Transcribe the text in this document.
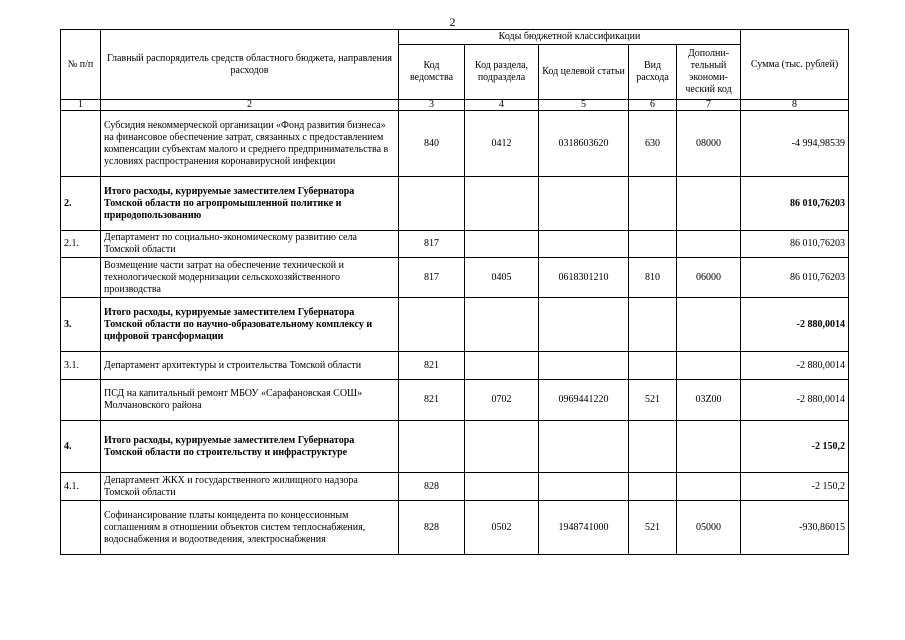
2
№ п/п	Главный распорядитель средств областного бюджета, направления расходов	Коды бюджетной классификации					Сумма (тыс. рублей)
		Код ведомства	Код раздела, подраздела	Код целевой статьи	Вид расхода	Дополни-тельный экономи-ческий код	
1	2	3	4	5	6	7	8
	Субсидия некоммерческой организации «Фонд развития бизнеса» на финансовое обеспечение затрат, связанных с предоставлением компенсации субъектам малого и среднего предпринимательства в условиях распространения коронавирусной инфекции	840	0412	0318603620	630	08000	-4 994,98539
2.	Итого расходы, курируемые заместителем Губернатора Томской области по агропромышленной политике и природопользованию						86 010,76203
2.1.	Департамент по социально-экономическому развитию села Томской области	817					86 010,76203
	Возмещение части затрат на обеспечение технической и технологической модернизации сельскохозяйственного производства	817	0405	0618301210	810	06000	86 010,76203
3.	Итого расходы, курируемые заместителем Губернатора Томской области по научно-образовательному комплексу и цифровой трансформации						-2 880,0014
3.1.	Департамент архитектуры и строительства Томской области	821					-2 880,0014
	ПСД на капитальный ремонт МБОУ «Сарафановская СОШ» Молчановского района	821	0702	0969441220	521	03Z00	-2 880,0014
4.	Итого расходы, курируемые заместителем Губернатора Томской области по строительству и инфраструктуре						-2 150,2
4.1.	Департамент ЖКХ и государственного жилищного надзора Томской области	828					-2 150,2
	Софинансирование платы концедента по концессионным соглашениям в отношении объектов систем теплоснабжения, водоснабжения и водоотведения, электроснабжения	828	0502	1948741000	521	05000	-930,86015
